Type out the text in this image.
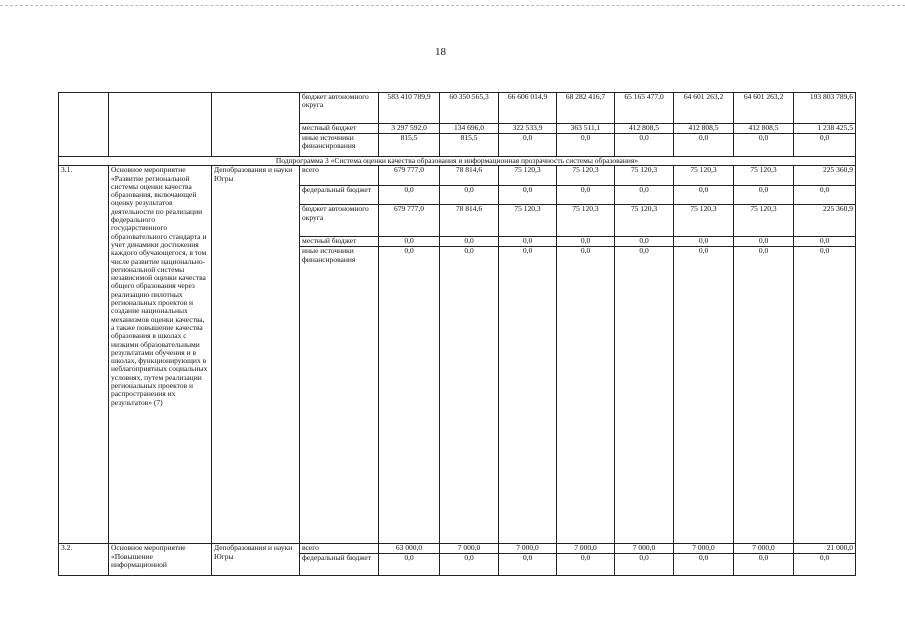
18
			бюджет автономного округа	583 410 789,9	60 350 565,3	66 606 014,9	68 282 416,7	65 165 477,0	64 601 263,2	64 601 263,2	193 803 789,6
			местный бюджет	3 297 592,0	134 696,0	322 533,9	363 511,1	412 808,5	412 808,5	412 808,5	1 238 425,5
			иные источники финансирования	815,5	815,5	0,0	0,0	0,0	0,0	0,0	0,0
Подпрограмма 3 «Система оценки качества образования и информационная прозрачность системы образования»											
3.1.	Основное мероприятие «Развитие региональной системы оценки качества образования, включающей оценку результатов деятельности по реализации федерального государственного образовательного стандарта и учет динамики достижения каждого обучающегося, в том числе развитие национально-региональной системы независимой оценки качества общего образования через реализацию пилотных региональных проектов и создание национальных механизмов оценки качества, а также повышение качества образования в школах с низкими образовательными результатами обучения и в школах, функционирующих в неблагоприятных социальных условиях, путем реализации региональных проектов и распространения их результатов» (7)	Депобразования и науки Югры	всего	679 777,0	78 814,6	75 120,3	75 120,3	75 120,3	75 120,3	75 120,3	225 360,9
			федеральный бюджет	0,0	0,0	0,0	0,0	0,0	0,0	0,0	0,0
			бюджет автономного округа	679 777,0	78 814,6	75 120,3	75 120,3	75 120,3	75 120,3	75 120,3	225 360,9
			местный бюджет	0,0	0,0	0,0	0,0	0,0	0,0	0,0	0,0
			иные источники финансирования	0,0	0,0	0,0	0,0	0,0	0,0	0,0	0,0
3.2.	Основное мероприятие «Повышение информационной	Депобразования и науки Югры	всего	63 000,0	7 000,0	7 000,0	7 000,0	7 000,0	7 000,0	7 000,0	21 000,0
			федеральный бюджет	0,0	0,0	0,0	0,0	0,0	0,0	0,0	0,0
